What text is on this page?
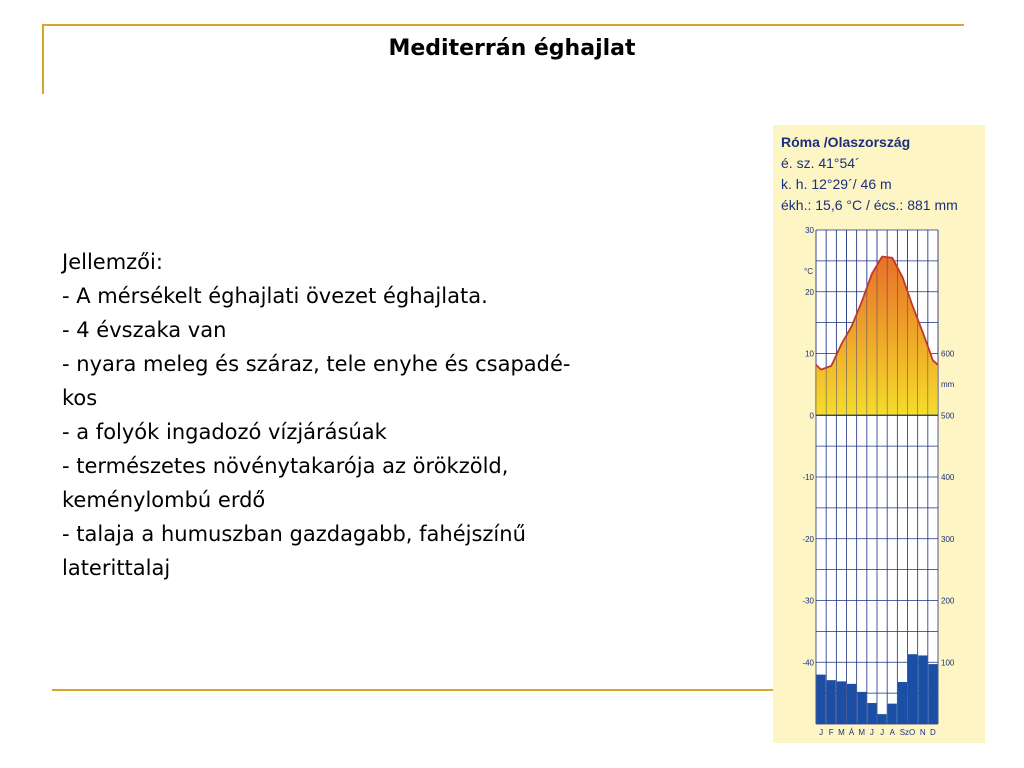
Mediterrán éghajlat
Jellemzői:
- A mérsékelt éghajlati övezet éghajlata.
- 4 évszaka van
- nyara meleg és száraz, tele enyhe és csapadé-
kos
- a folyók ingadozó vízjárásúak
- természetes növénytakarója az örökzöld,
keménylombú erdő
- talaja a humuszban gazdagabb, fahéjszínű
laterittalaj
Róma /Olaszország
é. sz. 41°54´
k. h. 12°29´/ 46 m
ékh.: 15,6 °C / écs.: 881 mm
°C
30
20
10
0
-10
-20
-30
-40
mm
600
500
400
300
200
100
J F M Á M J J A SzO N D
